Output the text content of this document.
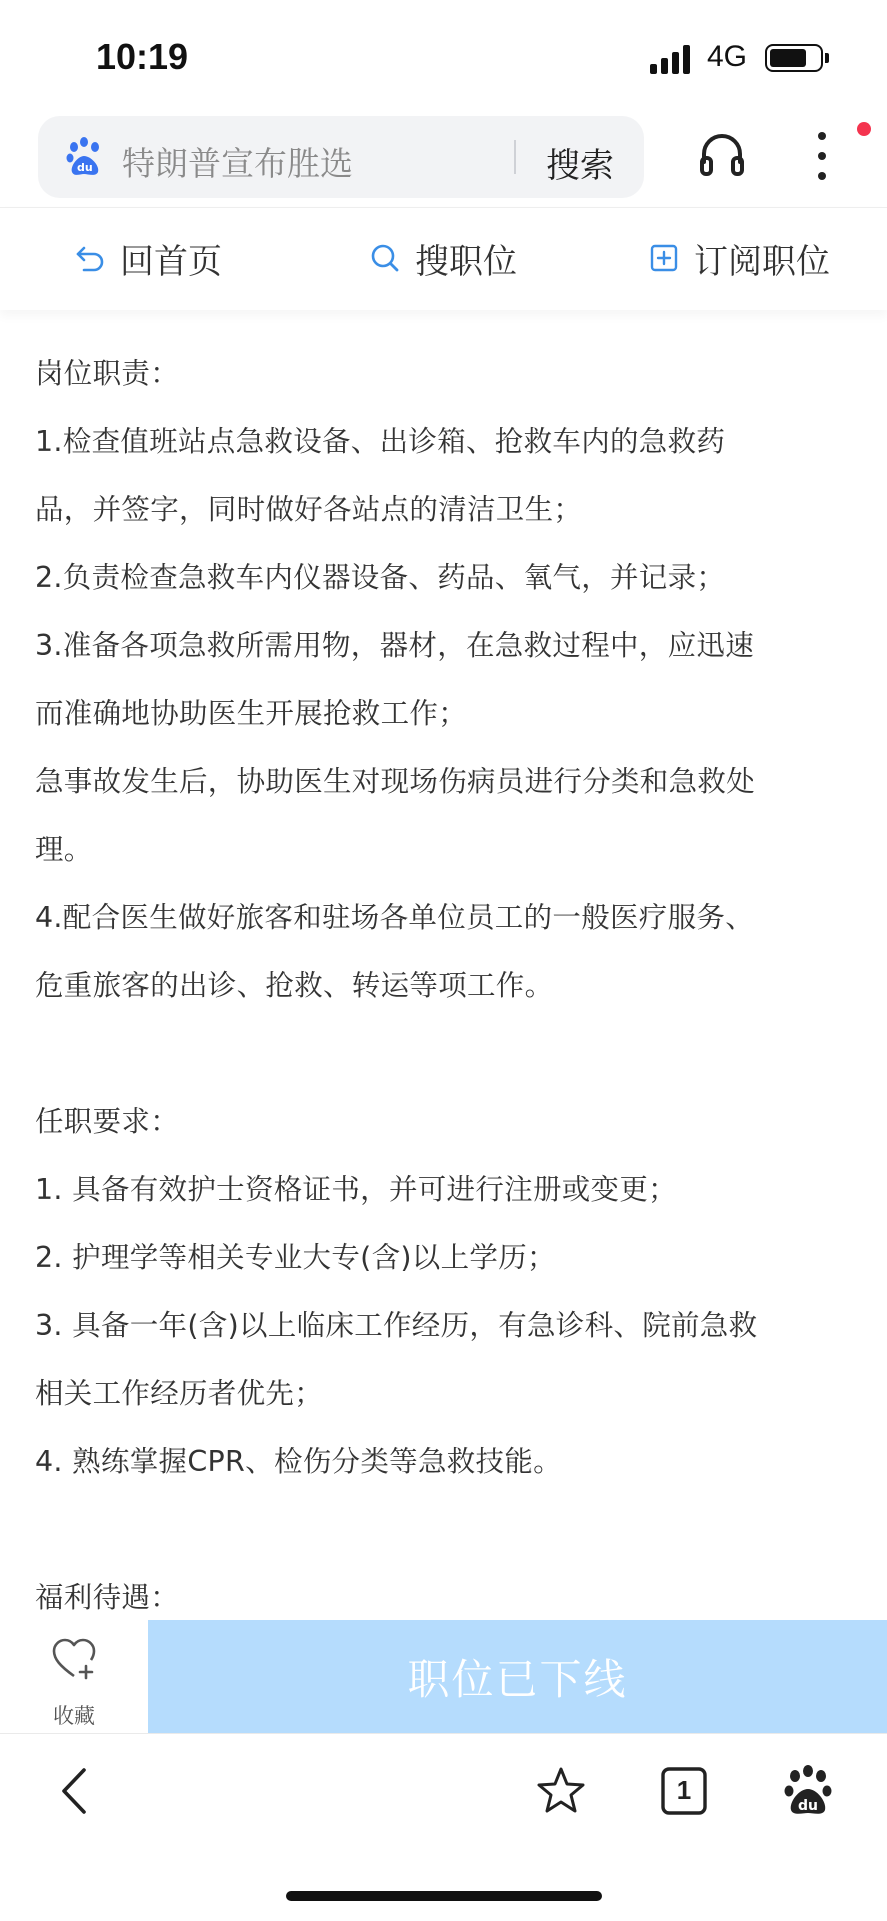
10:19	4G
du 特朗普宣布胜选	搜索
回首页	搜职位	订阅职位

岗位职责：

1.检查值班站点急救设备、出诊箱、抢救车内的急救药

品，并签字，同时做好各站点的清洁卫生；

2.负责检查急救车内仪器设备、药品、氧气，并记录；

3.准备各项急救所需用物，器材，在急救过程中，应迅速

而准确地协助医生开展抢救工作；

急事故发生后，协助医生对现场伤病员进行分类和急救处

理。

4.配合医生做好旅客和驻场各单位员工的一般医疗服务、

危重旅客的出诊、抢救、转运等项工作。

任职要求：

1. 具备有效护士资格证书，并可进行注册或变更；

2. 护理学等相关专业大专(含)以上学历；

3. 具备一年(含)以上临床工作经历，有急诊科、院前急救

相关工作经历者优先；

4. 熟练掌握CPR、检伤分类等急救技能。

福利待遇：

收藏
职位已下线
1
du
